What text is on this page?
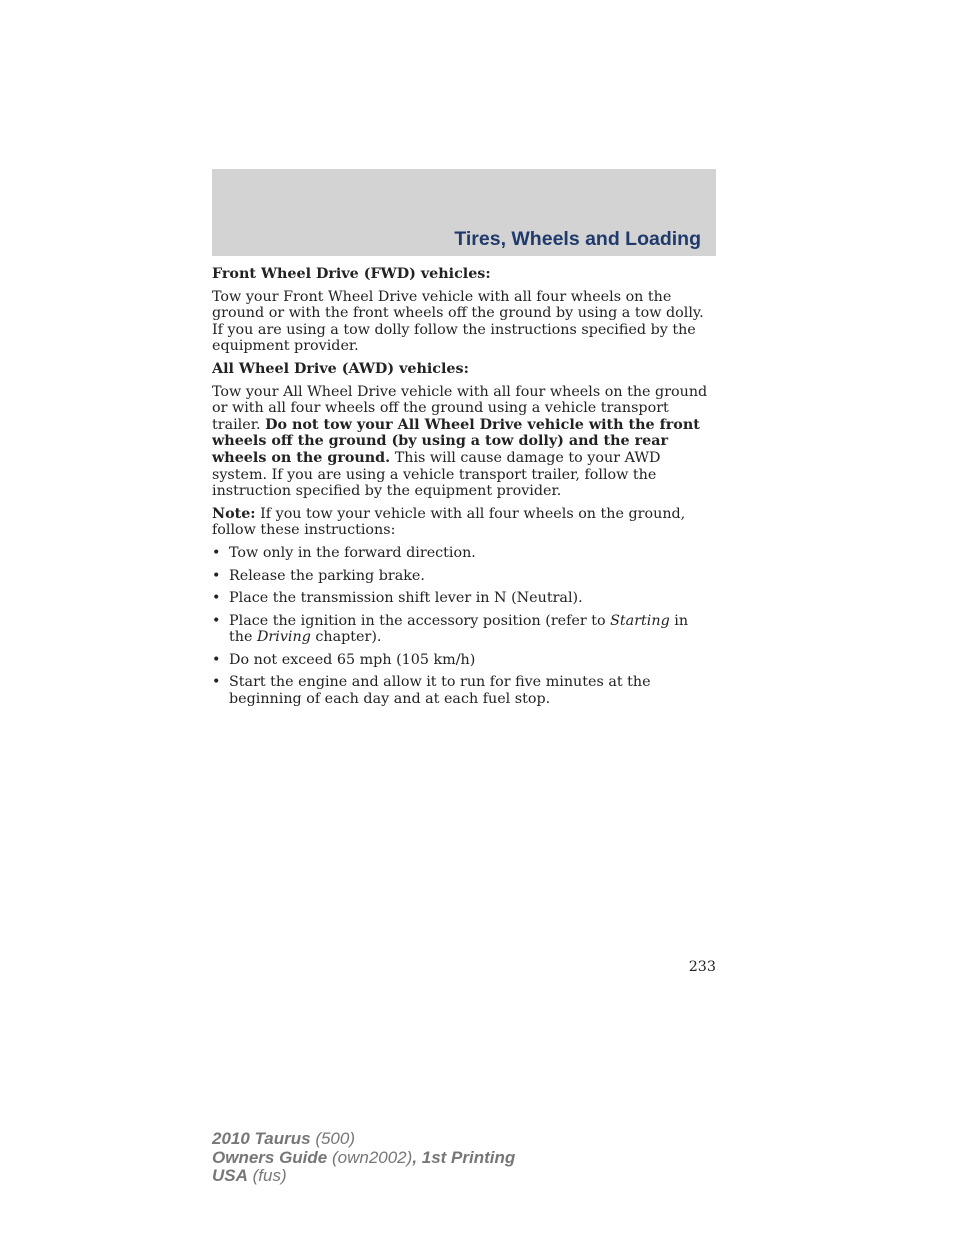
Tires, Wheels and Loading

Front Wheel Drive (FWD) vehicles:

Tow your Front Wheel Drive vehicle with all four wheels on the ground or with the front wheels off the ground by using a tow dolly. If you are using a tow dolly follow the instructions specified by the equipment provider.

All Wheel Drive (AWD) vehicles:

Tow your All Wheel Drive vehicle with all four wheels on the ground or with all four wheels off the ground using a vehicle transport trailer. Do not tow your All Wheel Drive vehicle with the front wheels off the ground (by using a tow dolly) and the rear wheels on the ground. This will cause damage to your AWD system. If you are using a vehicle transport trailer, follow the instruction specified by the equipment provider.

Note: If you tow your vehicle with all four wheels on the ground, follow these instructions:

• Tow only in the forward direction.
• Release the parking brake.
• Place the transmission shift lever in N (Neutral).
• Place the ignition in the accessory position (refer to Starting in the Driving chapter).
• Do not exceed 65 mph (105 km/h)
• Start the engine and allow it to run for five minutes at the beginning of each day and at each fuel stop.
233
2010 Taurus (500)
Owners Guide (own2002), 1st Printing
USA (fus)
